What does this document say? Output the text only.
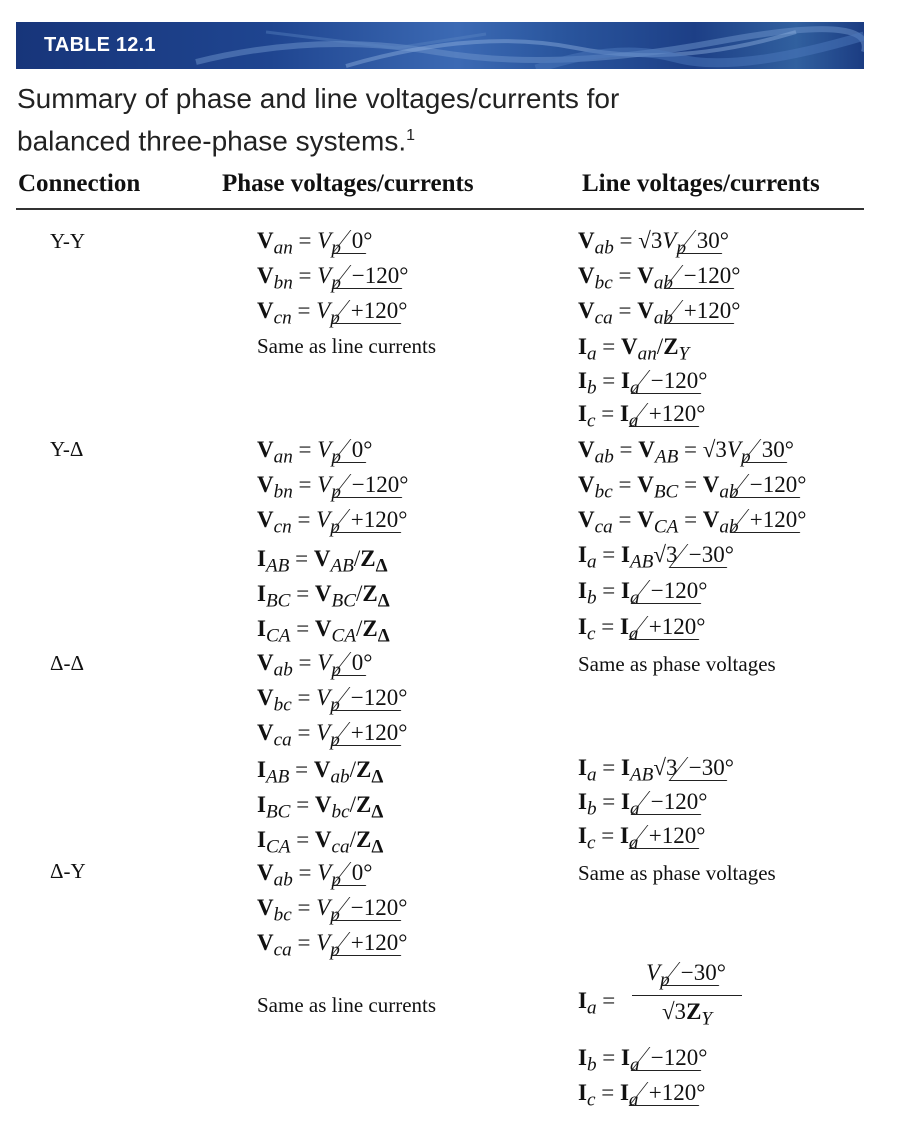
TABLE 12.1
Summary of phase and line voltages/currents for
balanced three-phase systems.$^1$
Connection	Phase voltages/currents	Line voltages/currents
Y-Y
Y-Δ
Δ-Δ
Δ-Y
$V_{an} = V_p$ 0°
$V_{bn} = V_p -120^\circ$
$V_{cn} = V_p +120^\circ$
Same as line currents
$V_{an} = V_p$ 0°
$V_{bn} = V_p -120^\circ$
$V_{cn} = V_p +120^\circ$
$I_{AB} = V_{AB}/Z_\Delta$
$I_{BC} = V_{BC}/Z_\Delta$
$I_{CA} = V_{CA}/Z_\Delta$
$V_{ab} = V_p$ 0°
$V_{bc} = V_p -120^\circ$
$V_{ca} = V_p +120^\circ$
$I_{AB} = V_{ab}/Z_\Delta$
$I_{BC} = V_{bc}/Z_\Delta$
$I_{CA} = V_{ca}/Z_\Delta$
$V_{ab} = V_p$ 0°
$V_{bc} = V_p -120^\circ$
$V_{ca} = V_p +120^\circ$
Same as line currents
$V_{ab} = √3V_p$ 30°
$V_{bc} = V_{ab} -120^\circ$
$V_{ca} = V_{ab} +120^\circ$
$I_a = V_{an}/Z_Y$
$I_b = I_a -120^\circ$
$I_c = I_a +120^\circ$
$V_{ab} = V_{AB} = √3V_p$ 30°
$V_{bc} = V_{BC} = V_{ab} -120^\circ$
$V_{ca} = V_{CA} = V_{ab} +120^\circ$
$I_a = I_{AB}√3 -30^\circ$
$I_b = I_a -120^\circ$
$I_c = I_a +120^\circ$
Same as phase voltages
$I_a = I_{AB}√3 -30^\circ$
$I_b = I_a -120^\circ$
$I_c = I_a +120^\circ$
Same as phase voltages
$I_a = \frac{V_p -30^\circ}{√3Z_Y}$
$I_b = I_a -120^\circ$
$I_c = I_a +120^\circ$
